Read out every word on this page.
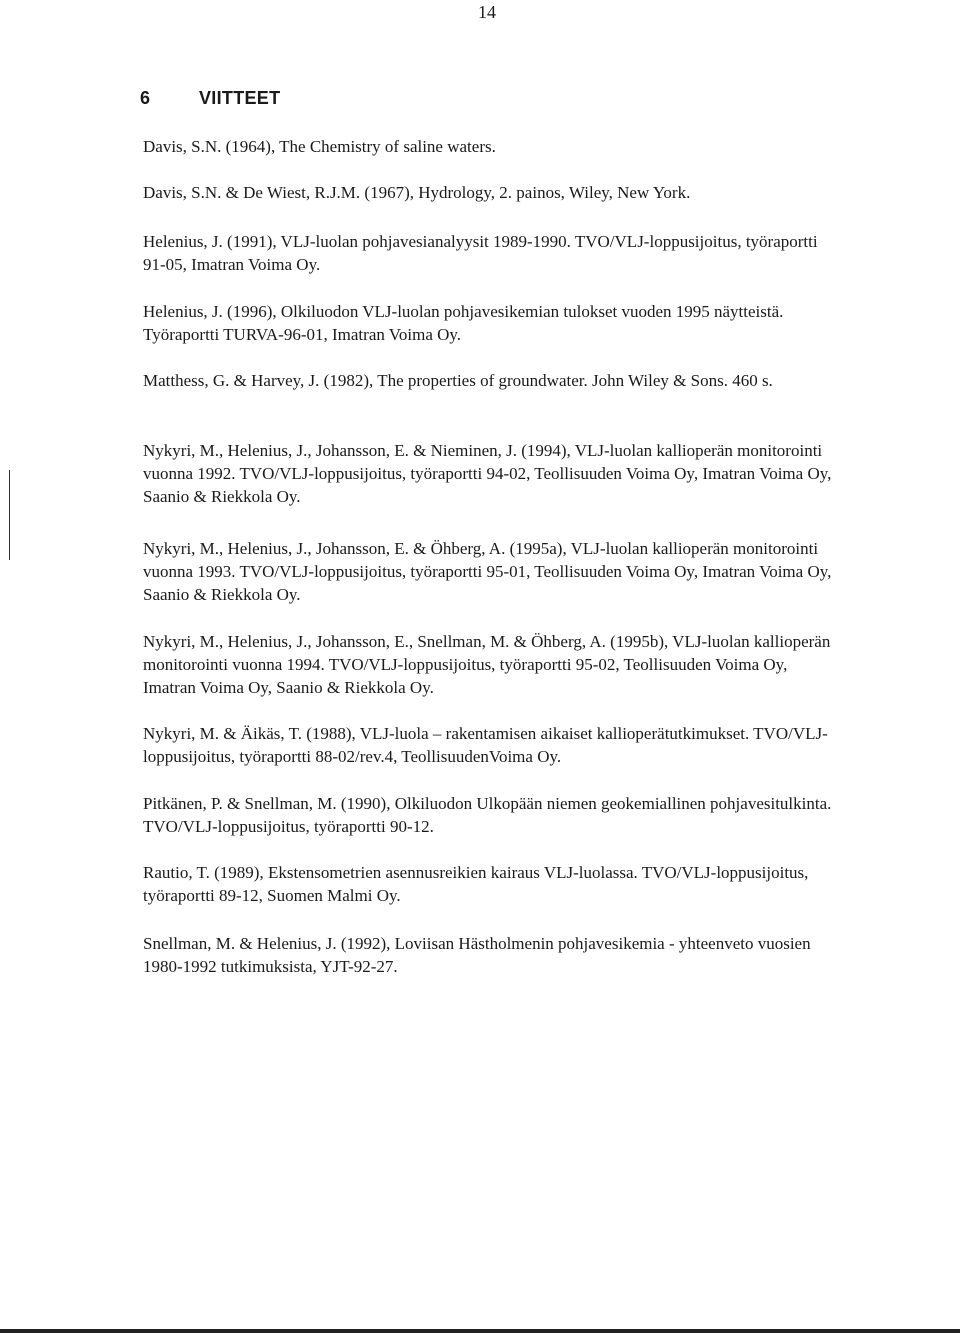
14
6	VIITTEET

Davis, S.N. (1964), The Chemistry of saline waters.

Davis, S.N. & De Wiest, R.J.M. (1967), Hydrology, 2. painos, Wiley, New York.

Helenius, J. (1991), VLJ-luolan pohjavesianalyysit 1989-1990. TVO/VLJ-loppusijoitus, työraportti 91-05, Imatran Voima Oy.

Helenius, J. (1996), Olkiluodon VLJ-luolan pohjavesikemian tulokset vuoden 1995 näytteistä. Työraportti TURVA-96-01, Imatran Voima Oy.

Matthess, G. & Harvey, J. (1982), The properties of groundwater. John Wiley & Sons. 460 s.

Nykyri, M., Helenius, J., Johansson, E. & Nieminen, J. (1994), VLJ-luolan kallioperän monitorointi vuonna 1992. TVO/VLJ-loppusijoitus, työraportti 94-02, Teollisuuden Voima Oy, Imatran Voima Oy, Saanio & Riekkola Oy.

Nykyri, M., Helenius, J., Johansson, E. & Öhberg, A. (1995a), VLJ-luolan kallioperän monitorointi vuonna 1993. TVO/VLJ-loppusijoitus, työraportti 95-01, Teollisuuden Voima Oy, Imatran Voima Oy, Saanio & Riekkola Oy.

Nykyri, M., Helenius, J., Johansson, E., Snellman, M. & Öhberg, A. (1995b), VLJ-luolan kallioperän monitorointi vuonna 1994. TVO/VLJ-loppusijoitus, työraportti 95-02, Teollisuuden Voima Oy, Imatran Voima Oy, Saanio & Riekkola Oy.

Nykyri, M. & Äikäs, T. (1988), VLJ-luola – rakentamisen aikaiset kallioperätutkimukset. TVO/VLJ-loppusijoitus, työraportti 88-02/rev.4, TeollisuudenVoima Oy.

Pitkänen, P. & Snellman, M. (1990), Olkiluodon Ulkopään niemen geokemiallinen pohjavesitulkinta. TVO/VLJ-loppusijoitus, työraportti 90-12.

Rautio, T. (1989), Ekstensometrien asennusreikien kairaus VLJ-luolassa. TVO/VLJ-loppusijoitus, työraportti 89-12, Suomen Malmi Oy.

Snellman, M. & Helenius, J. (1992), Loviisan Hästholmenin pohjavesikemia - yhteenveto vuosien 1980-1992 tutkimuksista, YJT-92-27.
